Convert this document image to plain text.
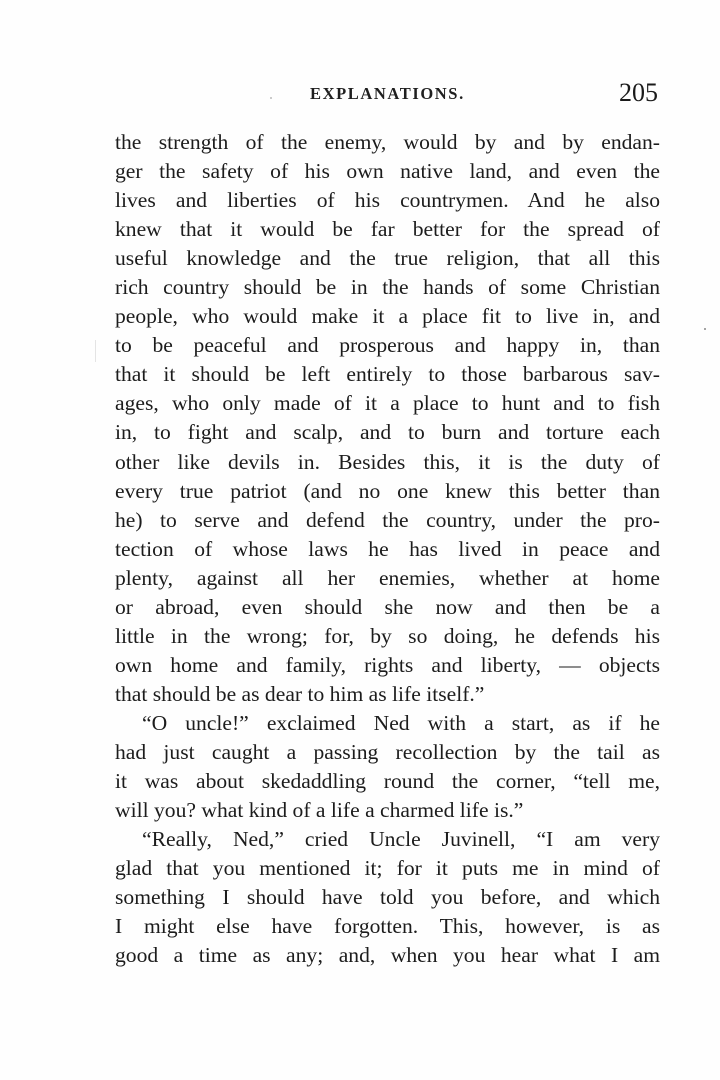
EXPLANATIONS.	205
the strength of the enemy, would by and by endan-
ger the safety of his own native land, and even the
lives and liberties of his countrymen. And he also
knew that it would be far better for the spread of
useful knowledge and the true religion, that all this
rich country should be in the hands of some Christian
people, who would make it a place fit to live in, and
to be peaceful and prosperous and happy in, than
that it should be left entirely to those barbarous sav-
ages, who only made of it a place to hunt and to fish
in, to fight and scalp, and to burn and torture each
other like devils in. Besides this, it is the duty of
every true patriot (and no one knew this better than
he) to serve and defend the country, under the pro-
tection of whose laws he has lived in peace and
plenty, against all her enemies, whether at home
or abroad, even should she now and then be a
little in the wrong; for, by so doing, he defends his
own home and family, rights and liberty, — objects
that should be as dear to him as life itself.”
“O uncle!” exclaimed Ned with a start, as if he
had just caught a passing recollection by the tail as
it was about skedaddling round the corner, “tell me,
will you? what kind of a life a charmed life is.”
“Really, Ned,” cried Uncle Juvinell, “I am very
glad that you mentioned it; for it puts me in mind of
something I should have told you before, and which
I might else have forgotten. This, however, is as
good a time as any; and, when you hear what I am
